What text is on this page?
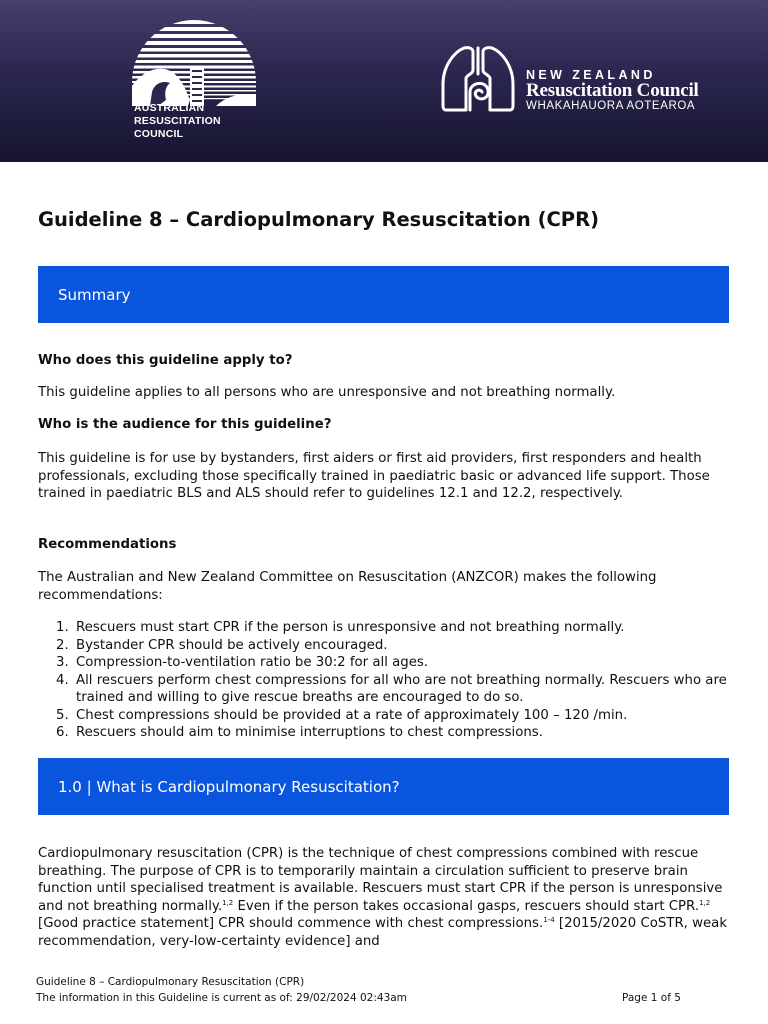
AUSTRALIAN
RESUSCITATION
COUNCIL
TM
NEW ZEALAND
Resuscitation Council
WHAKAHAUORA AOTEAROA
Guideline 8 – Cardiopulmonary Resuscitation (CPR)
Summary

Who does this guideline apply to?

This guideline applies to all persons who are unresponsive and not breathing normally.

Who is the audience for this guideline?

This guideline is for use by bystanders, first aiders or first aid providers, first responders and health professionals, excluding those specifically trained in paediatric basic or advanced life support. Those trained in paediatric BLS and ALS should refer to guidelines 12.1 and 12.2, respectively.

Recommendations

The Australian and New Zealand Committee on Resuscitation (ANZCOR) makes the following recommendations:

1. Rescuers must start CPR if the person is unresponsive and not breathing normally.
2. Bystander CPR should be actively encouraged.
3. Compression-to-ventilation ratio be 30:2 for all ages.
4. All rescuers perform chest compressions for all who are not breathing normally. Rescuers who are trained and willing to give rescue breaths are encouraged to do so.
5. Chest compressions should be provided at a rate of approximately 100 – 120 /min.
6. Rescuers should aim to minimise interruptions to chest compressions.
1.0 | What is Cardiopulmonary Resuscitation?

Cardiopulmonary resuscitation (CPR) is the technique of chest compressions combined with rescue breathing. The purpose of CPR is to temporarily maintain a circulation sufficient to preserve brain function until specialised treatment is available. Rescuers must start CPR if the person is unresponsive and not breathing normally.$^{1,2}$ Even if the person takes occasional gasps, rescuers should start CPR.$^{1,2}$ [Good practice statement] CPR should commence with chest compressions.$^{1-4}$ [2015/2020 CoSTR, weak recommendation, very-low-certainty evidence] and

Guideline 8 – Cardiopulmonary Resuscitation (CPR)
The information in this Guideline is current as of: 29/02/2024 02:43am	Page 1 of 5
